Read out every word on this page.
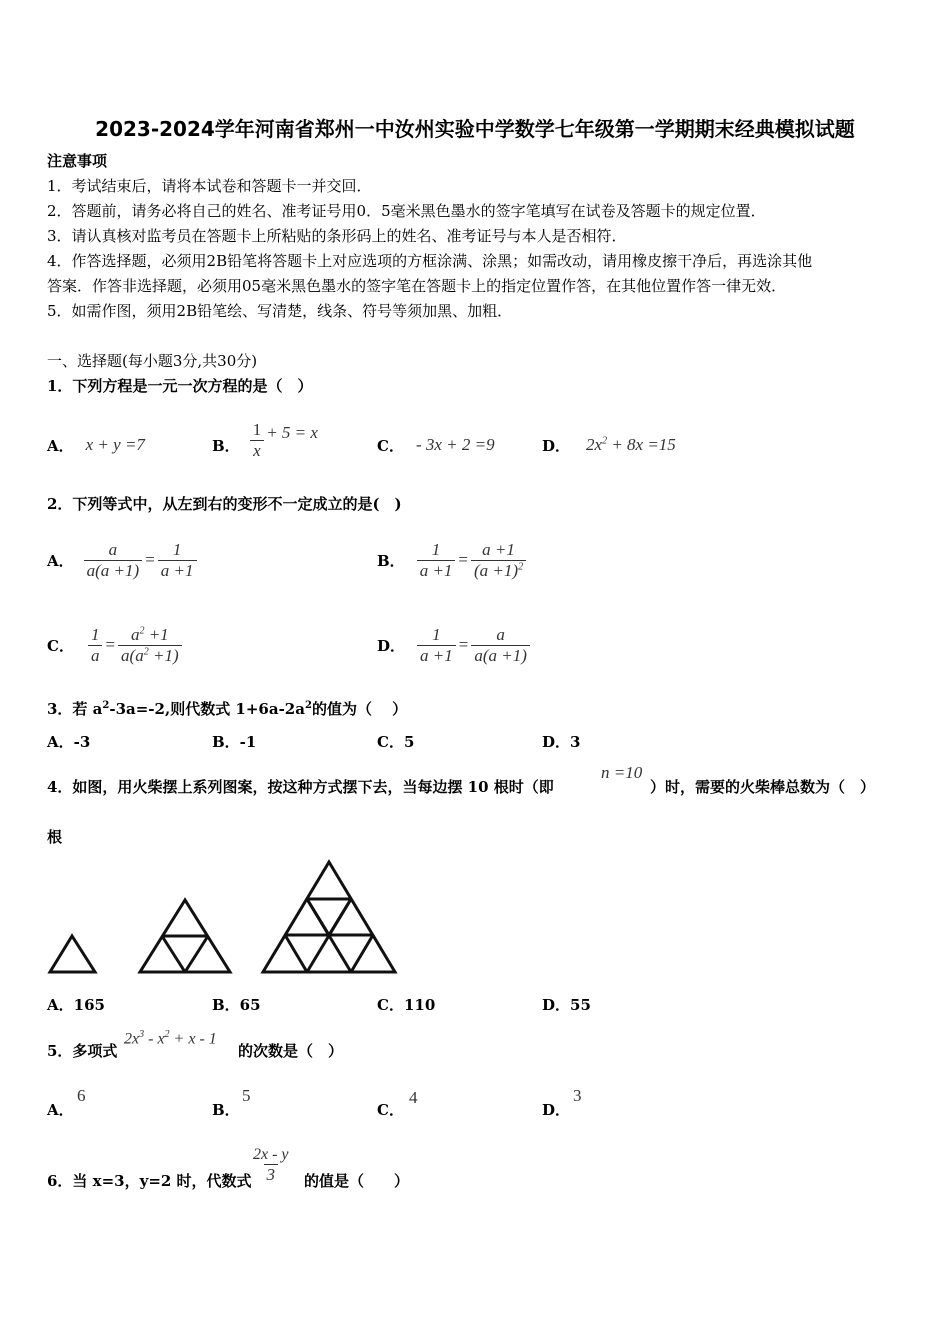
2023-2024学年河南省郑州一中汝州实验中学数学七年级第一学期期末经典模拟试题
注意事项
1．考试结束后，请将本试卷和答题卡一并交回．
2．答题前，请务必将自己的姓名、准考证号用0．5毫米黑色墨水的签字笔填写在试卷及答题卡的规定位置．
3．请认真核对监考员在答题卡上所粘贴的条形码上的姓名、准考证号与本人是否相符．
4．作答选择题，必须用2B铅笔将答题卡上对应选项的方框涂满、涂黑；如需改动，请用橡皮擦干净后，再选涂其他
答案．作答非选择题，必须用05毫米黑色墨水的签字笔在答题卡上的指定位置作答，在其他位置作答一律无效．
5．如需作图，须用2B铅笔绘、写清楚，线条、符号等须加黑、加粗．
一、选择题(每小题3分,共30分)
1．下列方程是一元一次方程的是（　）
A． x + y =7	B． $\frac{1}{x} + 5 = x$
C． - 3x + 2 =9	D． $2x^2 + 8x =15$
2．下列等式中，从左到右的变形不一定成立的是(　)
A． $\frac{a}{a(a +1)} = \frac{1}{a +1}$	B． $\frac{1}{a +1} = \frac{a +1}{(a +1)^2}$
C． $\frac{1}{a} = \frac{a^2 +1}{a(a^2 +1)}$	D． $\frac{1}{a +1} = \frac{a}{a(a +1)}$
3．若 $a^2-3a=-2$,则代数式 $1+6a-2a^2$的值为（　 ）
A．-3	B．-1	C．5	D．3
4．如图，用火柴摆上系列图案，按这种方式摆下去，当每边摆 10 根时（即
n =10
）时，需要的火柴棒总数为（　）
根
A．165	B．65	C．110	D．55
5．多项式
$2x^3 - x^2 + x - 1$
的次数是（　）
A．
6
B．
5
C．
4
D．
3
6．当 x=3，y=2 时，代数式
$\frac{2x - y}{3}$ 的值是（　　）
